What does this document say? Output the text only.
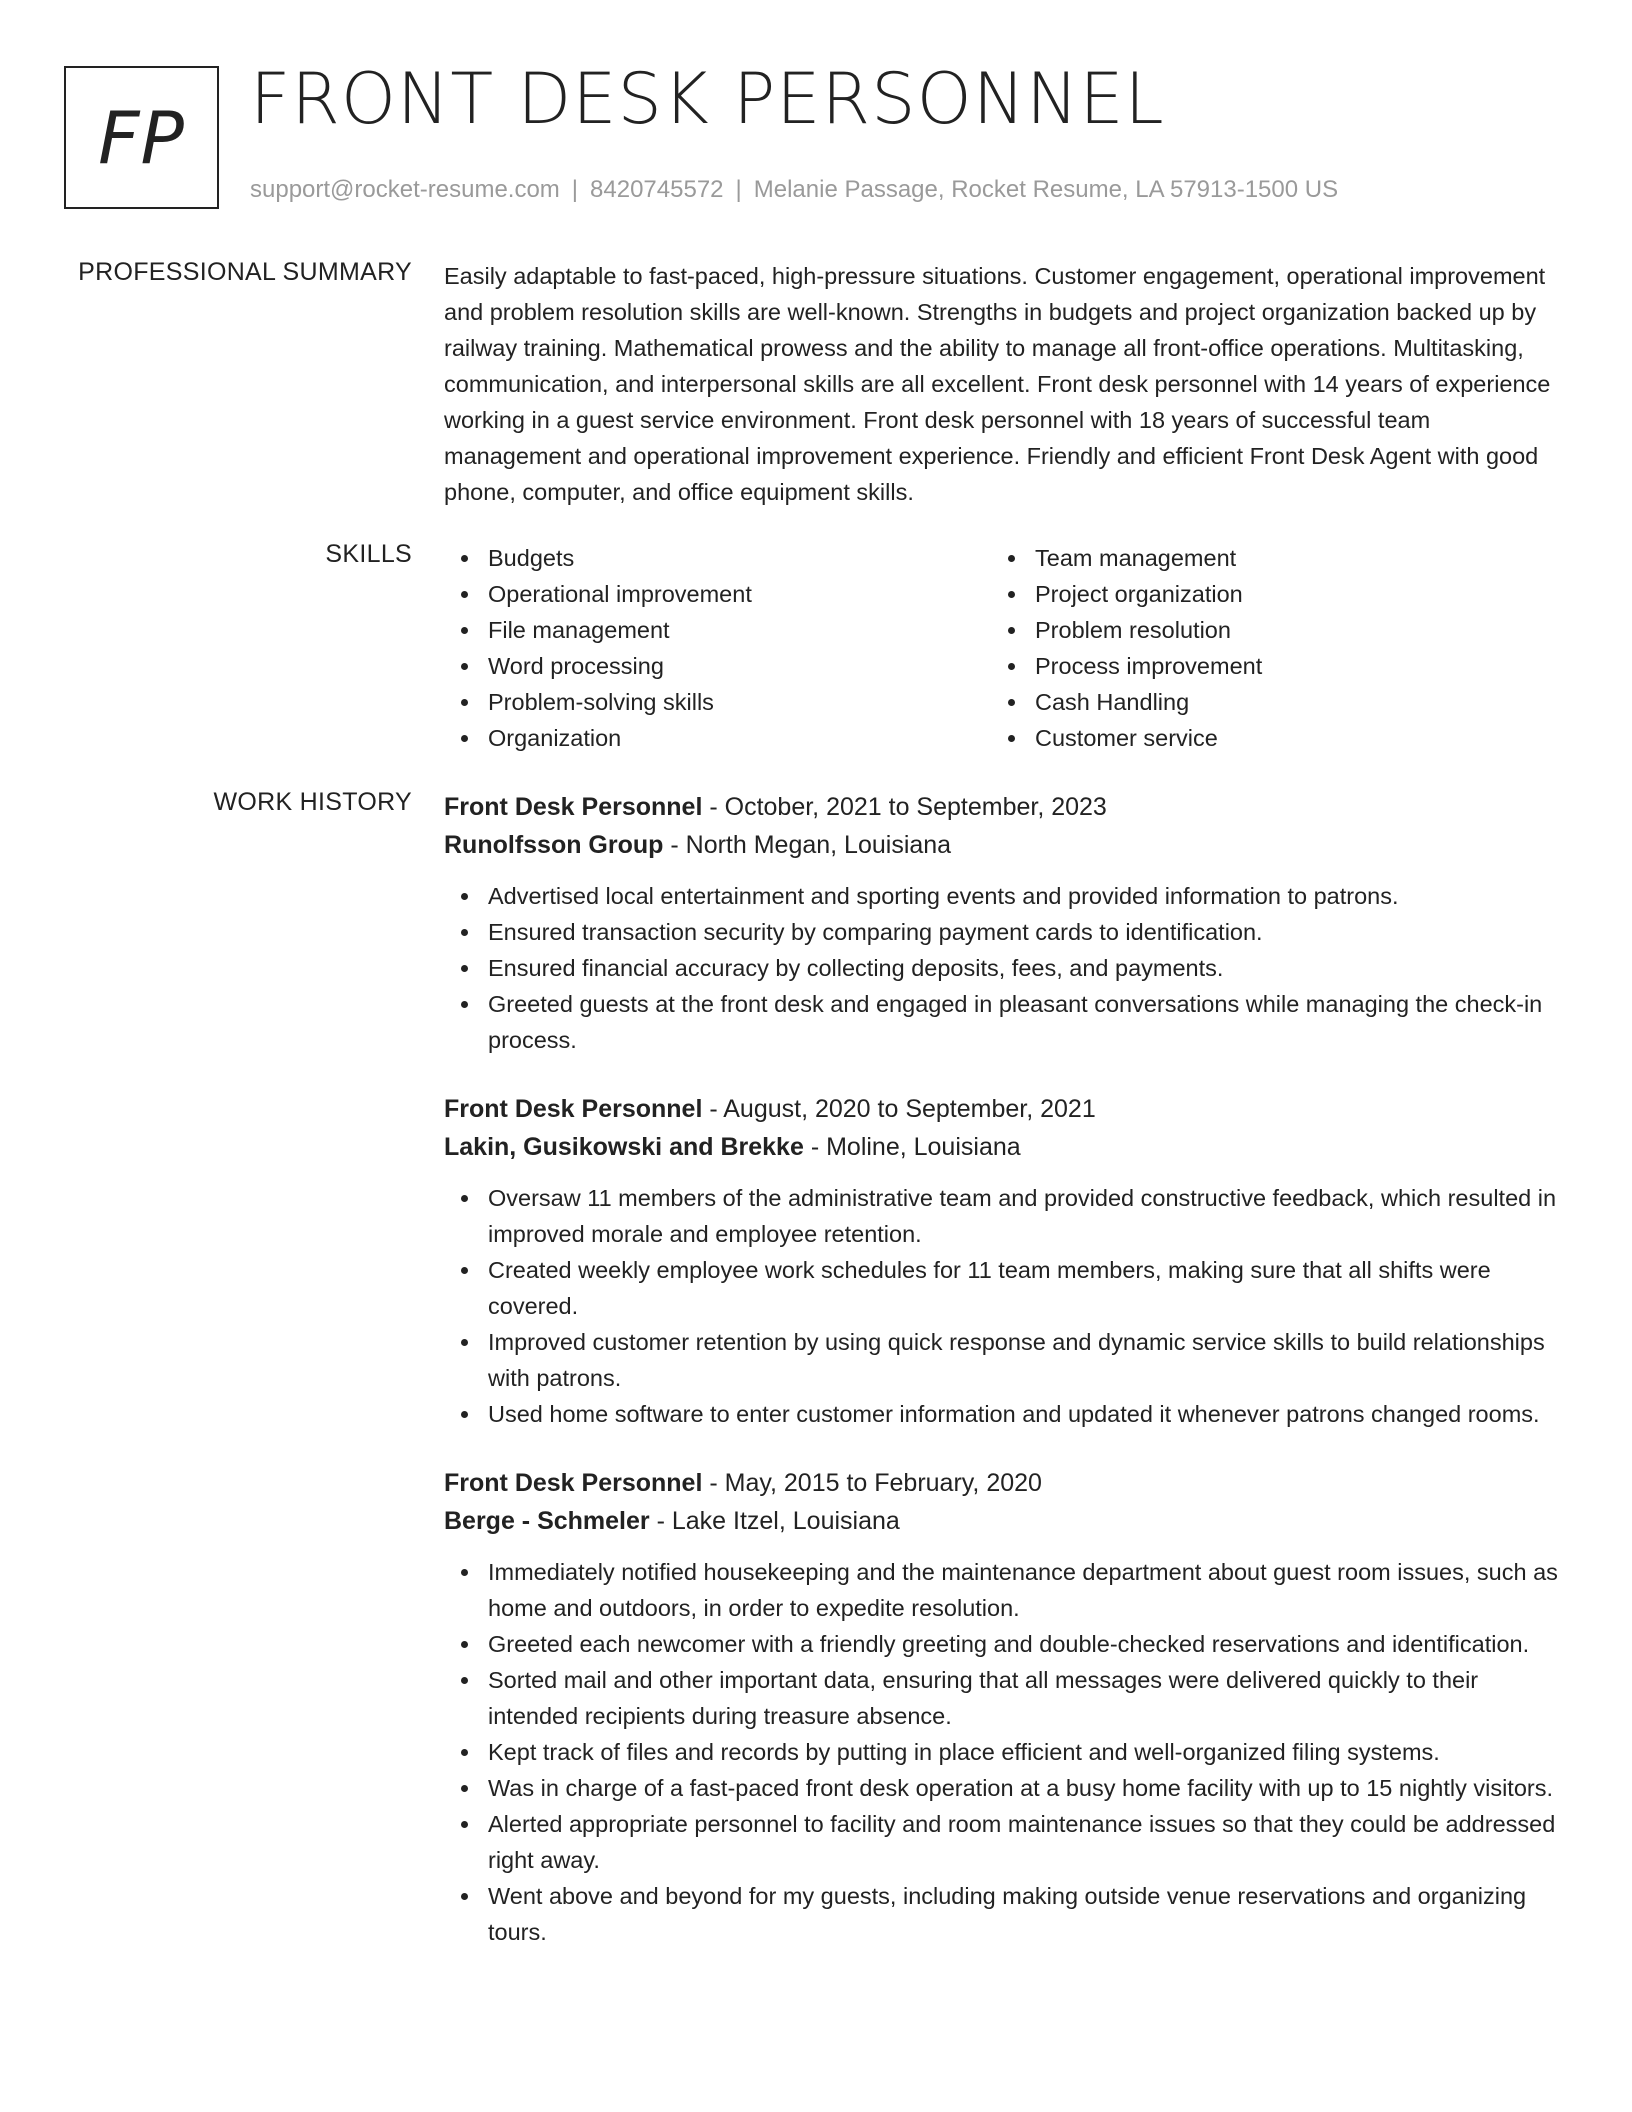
FP FRONT DESK PERSONNEL
support@rocket-resume.com | 8420745572 | Melanie Passage, Rocket Resume, LA 57913-1500 US
PROFESSIONAL SUMMARY Easily adaptable to fast-paced, high-pressure situations. Customer engagement, operational improvement and problem resolution skills are well-known. Strengths in budgets and project organization backed up by railway training. Mathematical prowess and the ability to manage all front-office operations. Multitasking, communication, and interpersonal skills are all excellent. Front desk personnel with 14 years of experience working in a guest service environment. Front desk personnel with 18 years of successful team management and operational improvement experience. Friendly and efficient Front Desk Agent with good phone, computer, and office equipment skills.
SKILLS	Budgets
Operational improvement
File management
Word processing
Problem-solving skills
Organization
Team management
Project organization
Problem resolution
Process improvement
Cash Handling
Customer service
WORK HISTORY Front Desk Personnel - October, 2021 to September, 2023
Runolfsson Group - North Megan, Louisiana
Advertised local entertainment and sporting events and provided information to patrons.
Ensured transaction security by comparing payment cards to identification.
Ensured financial accuracy by collecting deposits, fees, and payments.
Greeted guests at the front desk and engaged in pleasant conversations while managing the check-in process.
Front Desk Personnel - August, 2020 to September, 2021
Lakin, Gusikowski and Brekke - Moline, Louisiana
Oversaw 11 members of the administrative team and provided constructive feedback, which resulted in improved morale and employee retention.
Created weekly employee work schedules for 11 team members, making sure that all shifts were covered.
Improved customer retention by using quick response and dynamic service skills to build relationships with patrons.
Used home software to enter customer information and updated it whenever patrons changed rooms.
Front Desk Personnel - May, 2015 to February, 2020
Berge - Schmeler - Lake Itzel, Louisiana
Immediately notified housekeeping and the maintenance department about guest room issues, such as home and outdoors, in order to expedite resolution.
Greeted each newcomer with a friendly greeting and double-checked reservations and identification.
Sorted mail and other important data, ensuring that all messages were delivered quickly to their intended recipients during treasure absence.
Kept track of files and records by putting in place efficient and well-organized filing systems.
Was in charge of a fast-paced front desk operation at a busy home facility with up to 15 nightly visitors.
Alerted appropriate personnel to facility and room maintenance issues so that they could be addressed right away.
Went above and beyond for my guests, including making outside venue reservations and organizing tours.
